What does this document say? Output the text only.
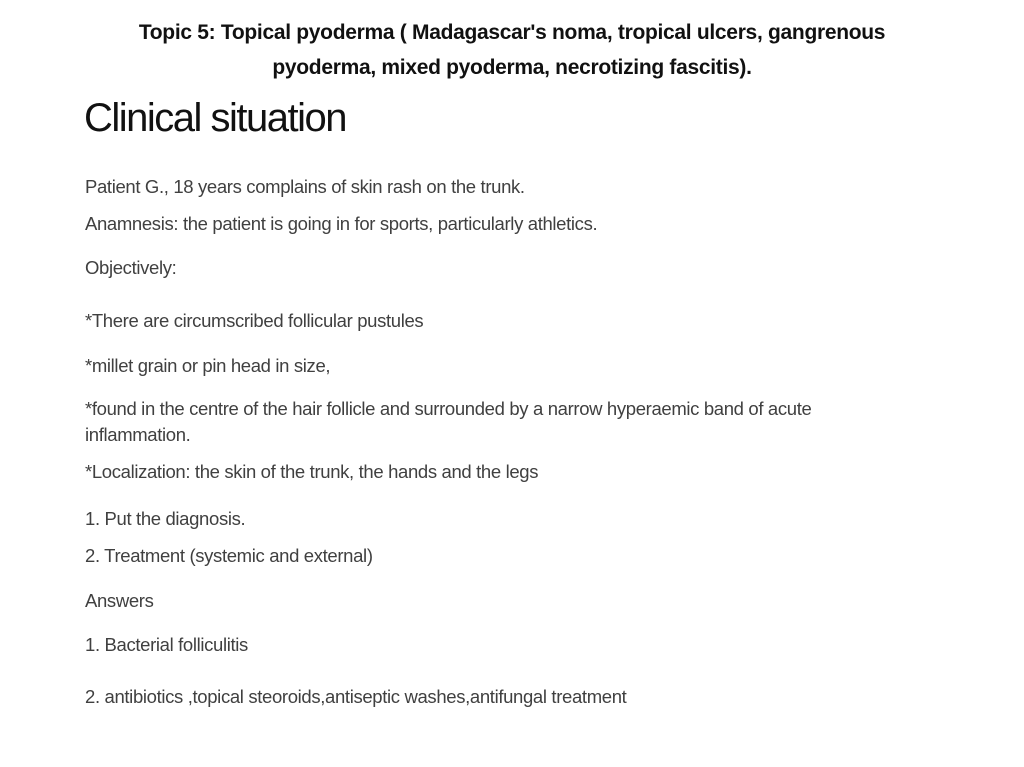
Topic 5: Topical pyoderma ( Madagascar's noma, tropical ulcers, gangrenous
pyoderma, mixed pyoderma, necrotizing fascitis).
Clinical situation
Patient G., 18 years complains of skin rash on the trunk.
Anamnesis: the patient is going in for sports, particularly athletics.
Objectively:
*There are circumscribed follicular pustules
*millet grain or pin head in size,
*found in the centre of the hair follicle and surrounded by a narrow hyperaemic band of acute
inflammation.
*Localization: the skin of the trunk, the hands and the legs
1. Put the diagnosis.
2. Treatment (systemic and external)
Answers
1. Bacterial folliculitis
2. antibiotics ,topical steoroids,antiseptic washes,antifungal treatment
